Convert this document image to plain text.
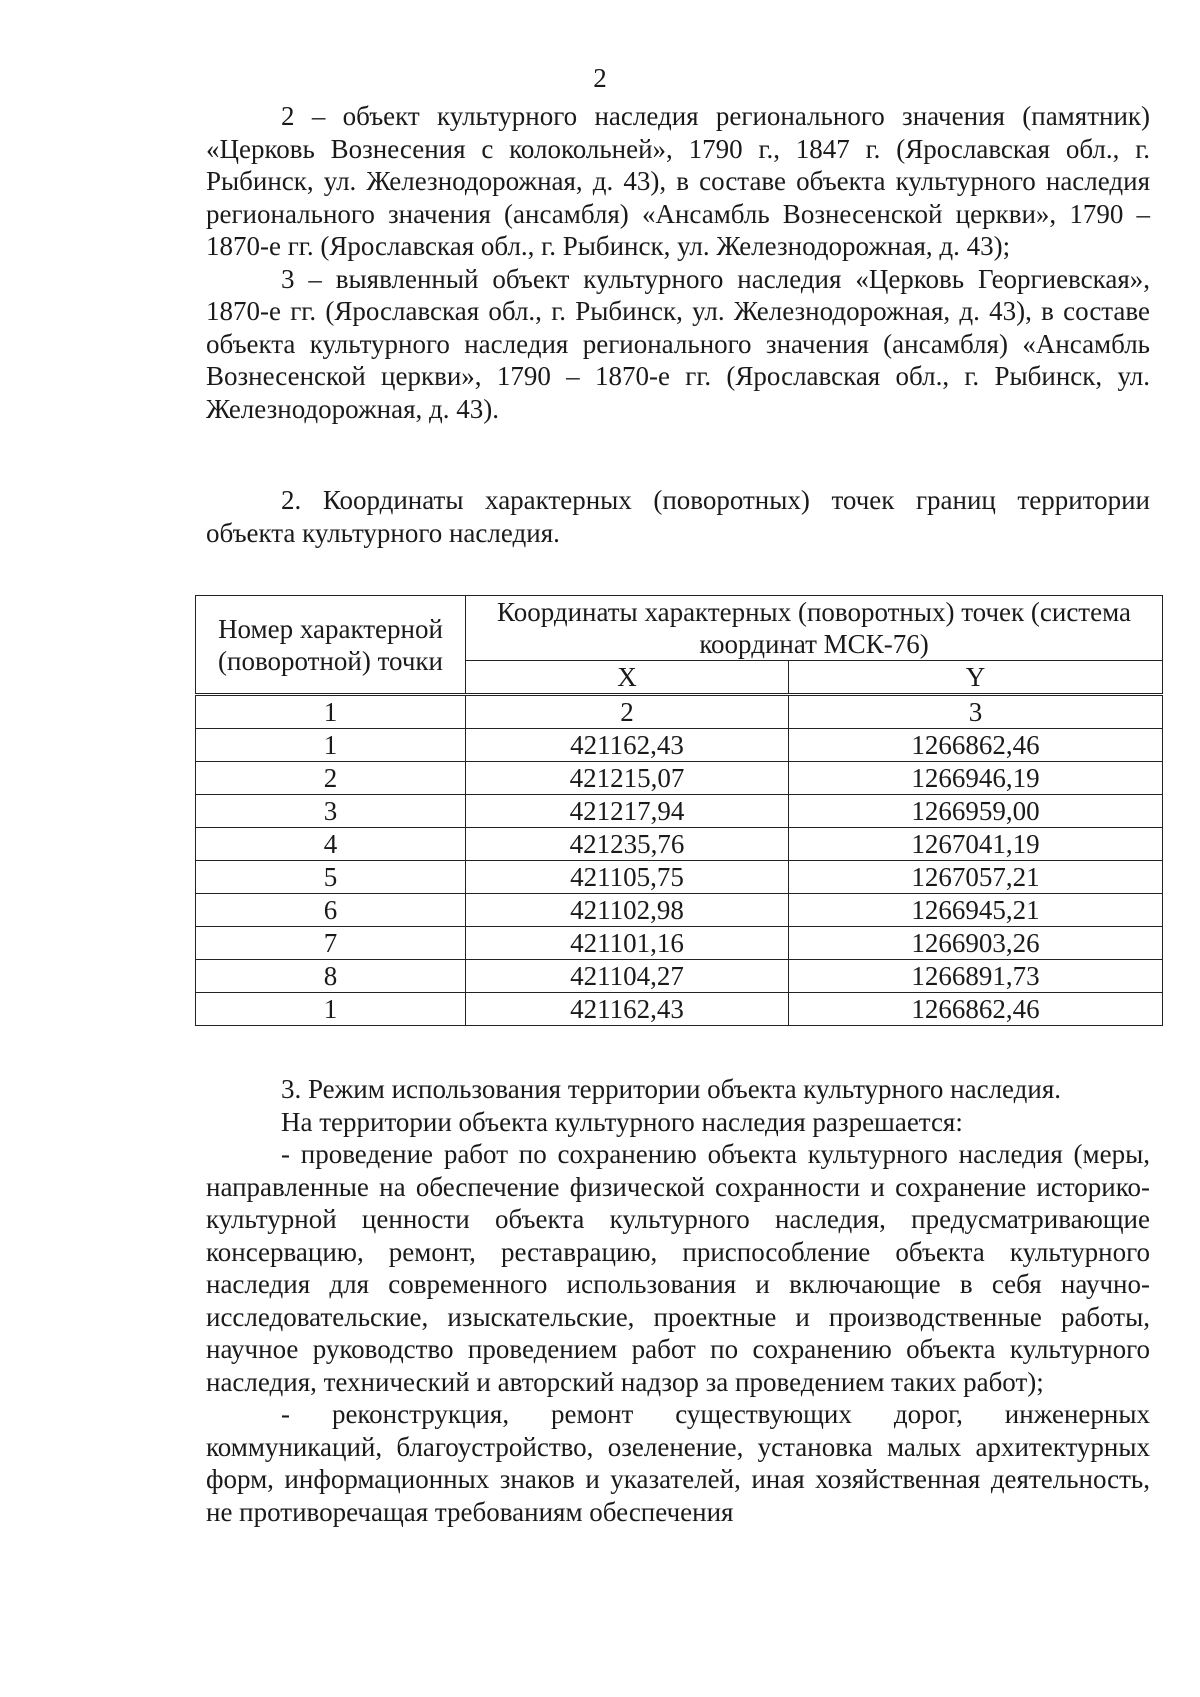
2

2 – объект культурного наследия регионального значения (памятник) «Церковь Вознесения с колокольней», 1790 г., 1847 г. (Ярославская обл., г. Рыбинск, ул. Железнодорожная, д. 43), в составе объекта культурного наследия регионального значения (ансамбля) «Ансамбль Вознесенской церкви», 1790 – 1870-е гг. (Ярославская обл., г. Рыбинск, ул. Железнодорожная, д. 43);

3 – выявленный объект культурного наследия «Церковь Георгиевская», 1870-е гг. (Ярославская обл., г. Рыбинск, ул. Железнодорожная, д. 43), в составе объекта культурного наследия регионального значения (ансамбля) «Ансамбль Вознесенской церкви», 1790 – 1870-е гг. (Ярославская обл., г. Рыбинск, ул. Железнодорожная, д. 43).

2. Координаты характерных (поворотных) точек границ территории объекта культурного наследия.

Номер характерной (поворотной) точки	Координаты характерных (поворотных) точек (система координат МСК-76)	
	X	Y
1	2	3
1	421162,43	1266862,46
2	421215,07	1266946,19
3	421217,94	1266959,00
4	421235,76	1267041,19
5	421105,75	1267057,21
6	421102,98	1266945,21
7	421101,16	1266903,26
8	421104,27	1266891,73
1	421162,43	1266862,46

3. Режим использования территории объекта культурного наследия.

На территории объекта культурного наследия разрешается:

- проведение работ по сохранению объекта культурного наследия (меры, направленные на обеспечение физической сохранности и сохранение историко-культурной ценности объекта культурного наследия, предусматривающие консервацию, ремонт, реставрацию, приспособление объекта культурного наследия для современного использования и включающие в себя научно-исследовательские, изыскательские, проектные и производственные работы, научное руководство проведением работ по сохранению объекта культурного наследия, технический и авторский надзор за проведением таких работ);

- реконструкция, ремонт существующих дорог, инженерных коммуникаций, благоустройство, озеленение, установка малых архитектурных форм, информационных знаков и указателей, иная хозяйственная деятельность, не противоречащая требованиям обеспечения
